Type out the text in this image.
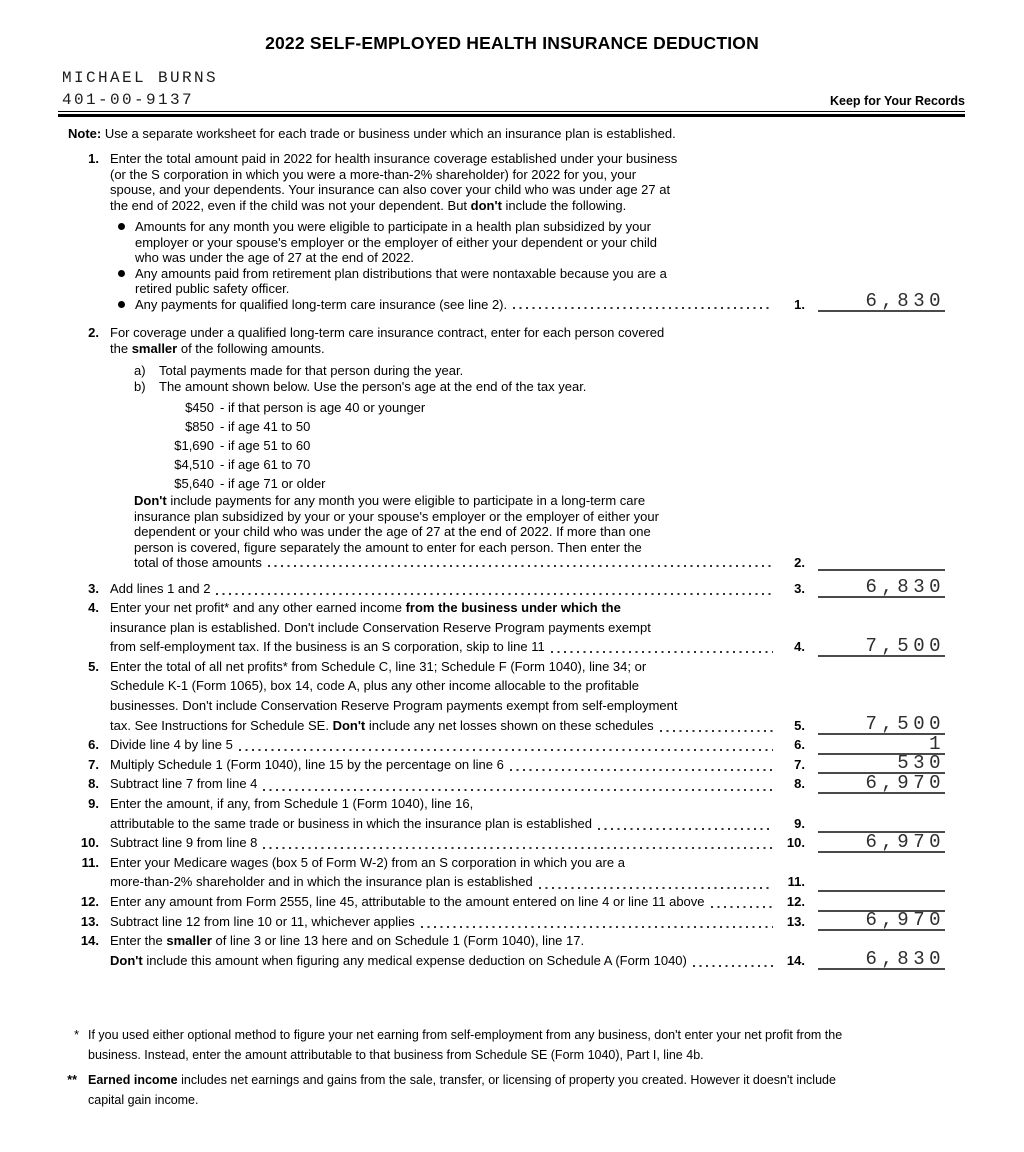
2022 SELF-EMPLOYED HEALTH INSURANCE DEDUCTION
MICHAEL BURNS
401-00-9137	Keep for Your Records
Note: Use a separate worksheet for each trade or business under which an insurance plan is established.
1. Enter the total amount paid in 2022 for health insurance coverage established under your business
(or the S corporation in which you were a more-than-2% shareholder) for 2022 for you, your
spouse, and your dependents. Your insurance can also cover your child who was under age 27 at
the end of 2022, even if the child was not your dependent. But don't include the following.
Amounts for any month you were eligible to participate in a health plan subsidized by your
employer or your spouse's employer or the employer of either your dependent or your child
who was under the age of 27 at the end of 2022.
Any amounts paid from retirement plan distributions that were nontaxable because you are a
retired public safety officer.
Any payments for qualified long-term care insurance (see line 2).	1.	6,830
2. For coverage under a qualified long-term care insurance contract, enter for each person covered
the smaller of the following amounts.
a)	Total payments made for that person during the year.
b)	The amount shown below. Use the person's age at the end of the tax year.
$450 - if that person is age 40 or younger
$850 - if age 41 to 50
$1,690 - if age 51 to 60
$4,510 - if age 61 to 70
$5,640 - if age 71 or older
Don't include payments for any month you were eligible to participate in a long-term care
insurance plan subsidized by your or your spouse's employer or the employer of either your
dependent or your child who was under the age of 27 at the end of 2022. If more than one
person is covered, figure separately the amount to enter for each person. Then enter the
total of those amounts	2.
3. Add lines 1 and 2	3.	6,830
4. Enter your net profit* and any other earned income from the business under which the
insurance plan is established. Don't include Conservation Reserve Program payments exempt
from self-employment tax. If the business is an S corporation, skip to line 11	4.	7,500
5. Enter the total of all net profits* from Schedule C, line 31; Schedule F (Form 1040), line 34; or
Schedule K-1 (Form 1065), box 14, code A, plus any other income allocable to the profitable
businesses. Don't include Conservation Reserve Program payments exempt from self-employment
tax. See Instructions for Schedule SE. Don't include any net losses shown on these schedules	5.	7,500
6. Divide line 4 by line 5	6.	1
7. Multiply Schedule 1 (Form 1040), line 15 by the percentage on line 6	7.	530
8. Subtract line 7 from line 4	8.	6,970
9. Enter the amount, if any, from Schedule 1 (Form 1040), line 16,
attributable to the same trade or business in which the insurance plan is established	9.
10. Subtract line 9 from line 8	10.	6,970
11. Enter your Medicare wages (box 5 of Form W-2) from an S corporation in which you are a
more-than-2% shareholder and in which the insurance plan is established	11.
12. Enter any amount from Form 2555, line 45, attributable to the amount entered on line 4 or line 11 above	12.
13. Subtract line 12 from line 10 or 11, whichever applies	13.	6,970
14. Enter the smaller of line 3 or line 13 here and on Schedule 1 (Form 1040), line 17.
Don't include this amount when figuring any medical expense deduction on Schedule A (Form 1040)	14.	6,830
* If you used either optional method to figure your net earning from self-employment from any business, don't enter your net profit from the
business. Instead, enter the amount attributable to that business from Schedule SE (Form 1040), Part I, line 4b.
** Earned income includes net earnings and gains from the sale, transfer, or licensing of property you created. However it doesn't include
capital gain income.
